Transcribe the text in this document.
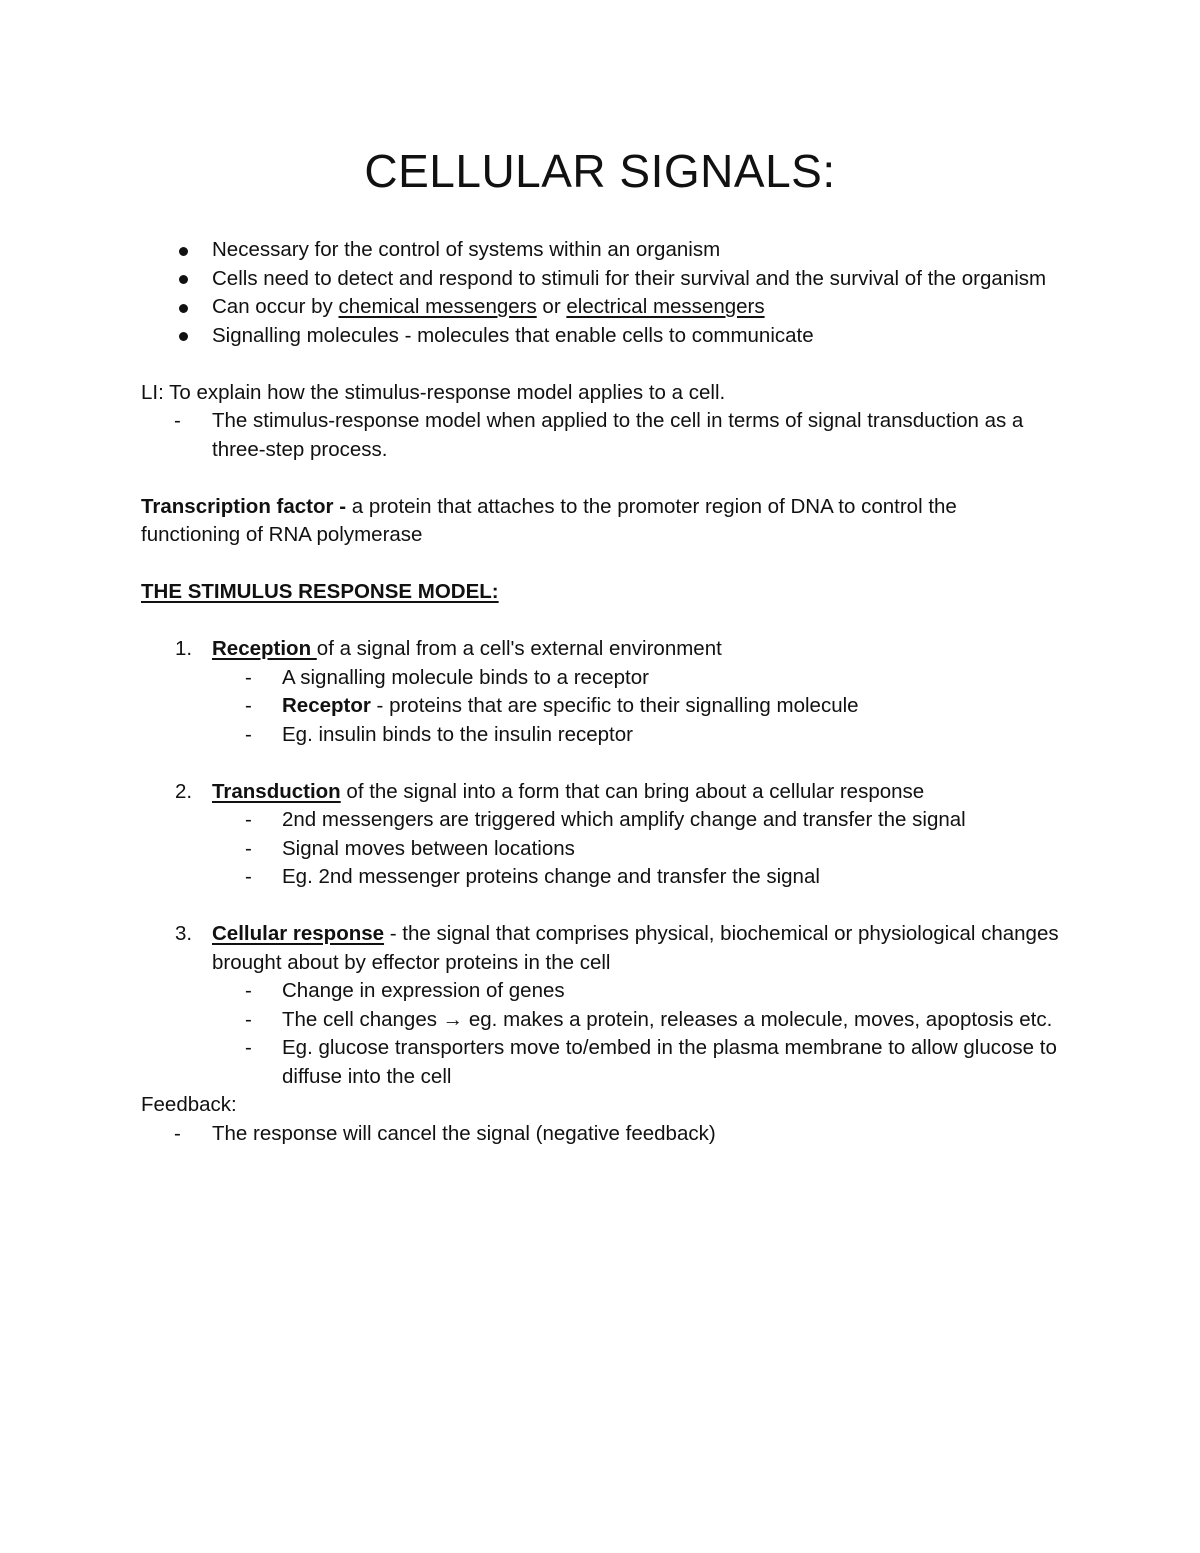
CELLULAR SIGNALS:
Necessary for the control of systems within an organism
Cells need to detect and respond to stimuli for their survival and the survival of the organism
Can occur by chemical messengers or electrical messengers
Signalling molecules - molecules that enable cells to communicate

LI: To explain how the stimulus-response model applies to a cell.

- The stimulus-response model when applied to the cell in terms of signal transduction as a three-step process.

Transcription factor - a protein that attaches to the promoter region of DNA to control the functioning of RNA polymerase

THE STIMULUS RESPONSE MODEL:

1. Reception of a signal from a cell's external environment
- A signalling molecule binds to a receptor
- Receptor - proteins that are specific to their signalling molecule
- Eg. insulin binds to the insulin receptor
2. Transduction of the signal into a form that can bring about a cellular response
- 2nd messengers are triggered which amplify change and transfer the signal
- Signal moves between locations
- Eg. 2nd messenger proteins change and transfer the signal
3. Cellular response - the signal that comprises physical, biochemical or physiological changes brought about by effector proteins in the cell
- Change in expression of genes
- The cell changes → eg. makes a protein, releases a molecule, moves, apoptosis etc.
- Eg. glucose transporters move to/embed in the plasma membrane to allow glucose to diffuse into the cell

Feedback:

- The response will cancel the signal (negative feedback)
